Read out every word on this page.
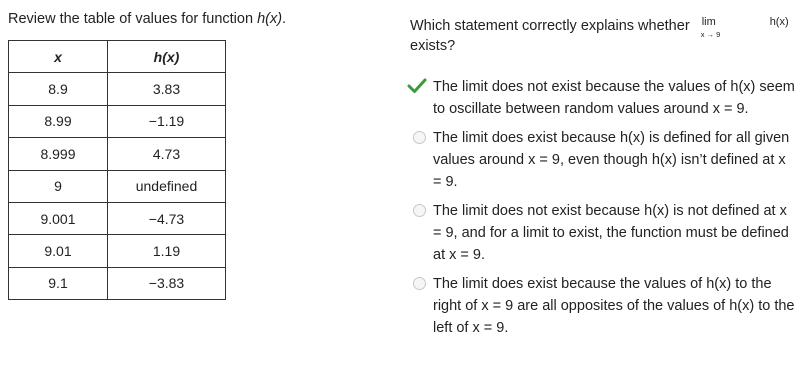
Review the table of values for function h(x).
x	h(x)
8.9	3.83
8.99	−1.19
8.999	4.73
9	undefined
9.001	−4.73
9.01	1.19
9.1	−3.83
Which statement correctly explains whether lim
x → 9
$^{h(x)}$
exists?
The limit does not exist because the values of h(x) seem to oscillate between random values around x = 9.
The limit does exist because h(x) is defined for all given values around x = 9, even though h(x) isn’t defined at x = 9.
The limit does not exist because h(x) is not defined at x = 9, and for a limit to exist, the function must be defined at x = 9.
The limit does exist because the values of h(x) to the right of x = 9 are all opposites of the values of h(x) to the left of x = 9.
